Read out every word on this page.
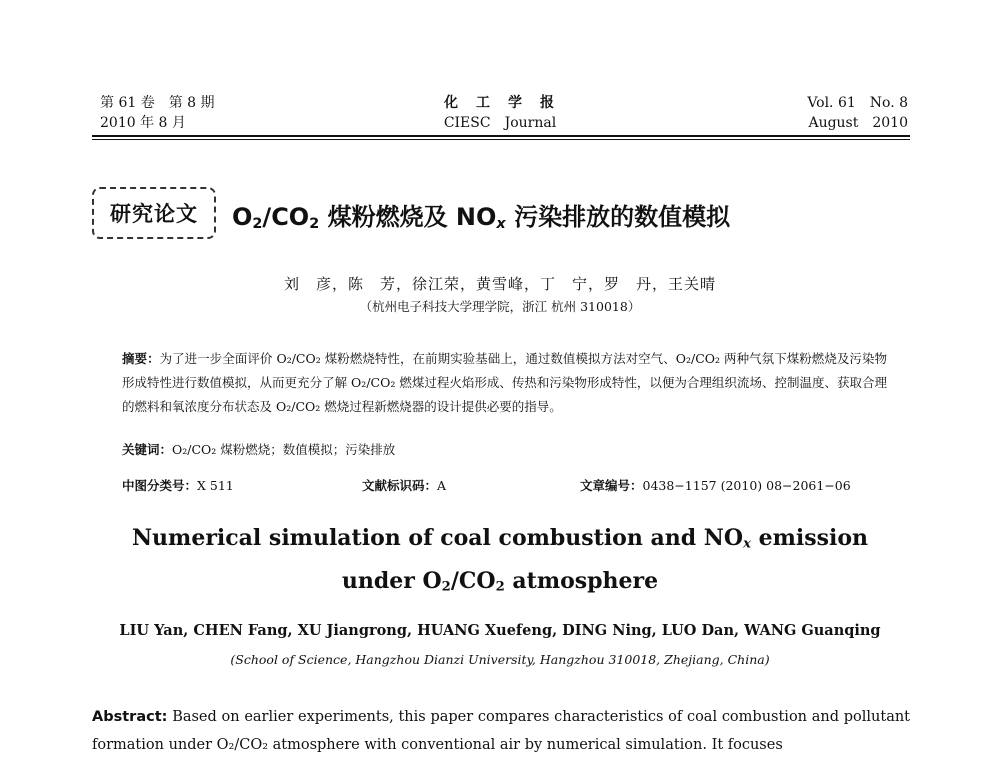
第 61 卷　第 8 期
2010 年 8 月
化　工　学　报
CIESC　Journal
Vol. 61　No. 8
August　2010
研究论文	$O_2/CO_2$ 煤粉燃烧及 $NO_x$ 污染排放的数值模拟
刘　彦，陈　芳，徐江荣，黄雪峰，丁　宁，罗　丹，王关晴
（杭州电子科技大学理学院，浙江 杭州 310018）
摘要：为了进一步全面评价 O₂/CO₂ 煤粉燃烧特性，在前期实验基础上，通过数值模拟方法对空气、O₂/CO₂ 两种气氛下煤粉燃烧及污染物形成特性进行数值模拟，从而更充分了解 O₂/CO₂ 燃煤过程火焰形成、传热和污染物形成特性，以便为合理组织流场、控制温度、获取合理的燃料和氧浓度分布状态及 O₂/CO₂ 燃烧过程新燃烧器的设计提供必要的指导。
关键词：O₂/CO₂ 煤粉燃烧；数值模拟；污染排放
中图分类号：X 511	文献标识码：A	文章编号：0438−1157 (2010) 08−2061−06
Numerical simulation of coal combustion and $NO_x$ emission
under $O_2/CO_2$ atmosphere
LIU Yan, CHEN Fang, XU Jiangrong, HUANG Xuefeng, DING Ning, LUO Dan, WANG Guanqing
(School of Science, Hangzhou Dianzi University, Hangzhou 310018, Zhejiang, China)
Abstract: Based on earlier experiments, this paper compares characteristics of coal combustion and pollutant formation under O₂/CO₂ atmosphere with conventional air by numerical simulation. It focuses
